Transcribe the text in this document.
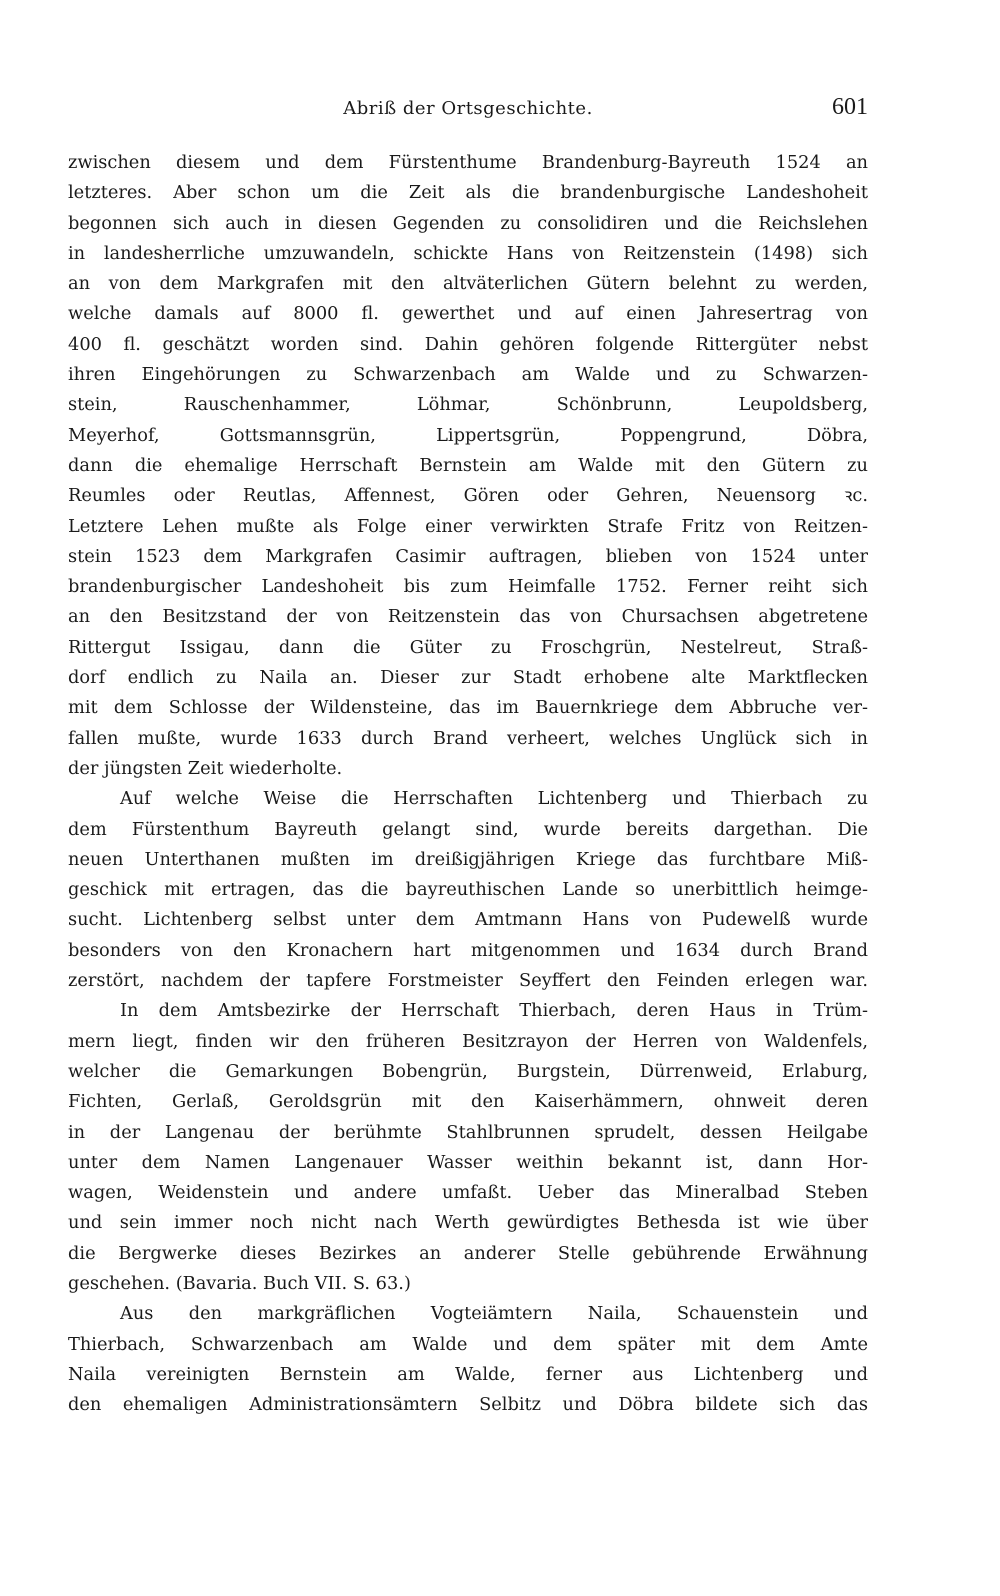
Abriß der Ortsgeschichte.	601
zwischen diesem und dem Fürstenthume Brandenburg-Bayreuth 1524 an
letzteres. Aber schon um die Zeit als die brandenburgische Landeshoheit
begonnen sich auch in diesen Gegenden zu consolidiren und die Reichslehen
in landesherrliche umzuwandeln, schickte Hans von Reitzenstein (1498) sich
an von dem Markgrafen mit den altväterlichen Gütern belehnt zu werden,
welche damals auf 8000 fl. gewerthet und auf einen Jahresertrag von
400 fl. geschätzt worden sind. Dahin gehören folgende Rittergüter nebst
ihren Eingehörungen zu Schwarzenbach am Walde und zu Schwarzen-
stein, Rauschenhammer, Löhmar, Schönbrunn, Leupoldsberg,
Meyerhof, Gottsmannsgrün, Lippertsgrün, Poppengrund, Döbra,
dann die ehemalige Herrschaft Bernstein am Walde mit den Gütern zu
Reumles oder Reutlas, Affennest, Gören oder Gehren, Neuensorg ꝛc.
Letztere Lehen mußte als Folge einer verwirkten Strafe Fritz von Reitzen-
stein 1523 dem Markgrafen Casimir auftragen, blieben von 1524 unter
brandenburgischer Landeshoheit bis zum Heimfalle 1752. Ferner reiht sich
an den Besitzstand der von Reitzenstein das von Chursachsen abgetretene
Rittergut Issigau, dann die Güter zu Froschgrün, Nestelreut, Straß-
dorf endlich zu Naila an. Dieser zur Stadt erhobene alte Marktflecken
mit dem Schlosse der Wildensteine, das im Bauernkriege dem Abbruche ver-
fallen mußte, wurde 1633 durch Brand verheert, welches Unglück sich in
der jüngsten Zeit wiederholte.
Auf welche Weise die Herrschaften Lichtenberg und Thierbach zu
dem Fürstenthum Bayreuth gelangt sind, wurde bereits dargethan. Die
neuen Unterthanen mußten im dreißigjährigen Kriege das furchtbare Miß-
geschick mit ertragen, das die bayreuthischen Lande so unerbittlich heimge-
sucht. Lichtenberg selbst unter dem Amtmann Hans von Pudewelß wurde
besonders von den Kronachern hart mitgenommen und 1634 durch Brand
zerstört, nachdem der tapfere Forstmeister Seyffert den Feinden erlegen war.
In dem Amtsbezirke der Herrschaft Thierbach, deren Haus in Trüm-
mern liegt, finden wir den früheren Besitzrayon der Herren von Waldenfels,
welcher die Gemarkungen Bobengrün, Burgstein, Dürrenweid, Erlaburg,
Fichten, Gerlaß, Geroldsgrün mit den Kaiserhämmern, ohnweit deren
in der Langenau der berühmte Stahlbrunnen sprudelt, dessen Heilgabe
unter dem Namen Langenauer Wasser weithin bekannt ist, dann Hor-
wagen, Weidenstein und andere umfaßt. Ueber das Mineralbad Steben
und sein immer noch nicht nach Werth gewürdigtes Bethesda ist wie über
die Bergwerke dieses Bezirkes an anderer Stelle gebührende Erwähnung
geschehen. (Bavaria. Buch VII. S. 63.)
Aus den markgräflichen Vogteiämtern Naila, Schauenstein und
Thierbach, Schwarzenbach am Walde und dem später mit dem Amte
Naila vereinigten Bernstein am Walde, ferner aus Lichtenberg und
den ehemaligen Administrationsämtern Selbitz und Döbra bildete sich das
